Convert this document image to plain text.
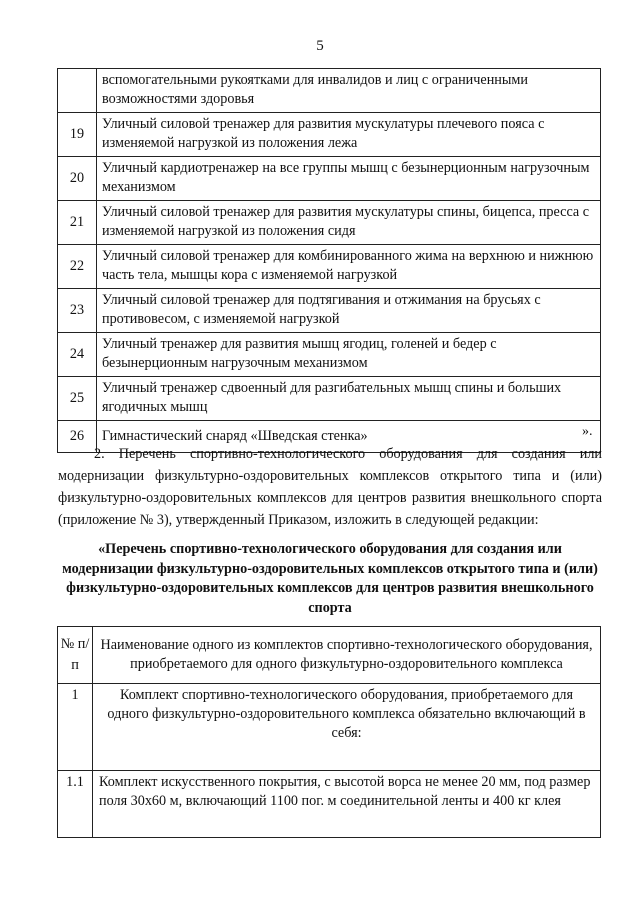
5
	вспомогательными рукоятками для инвалидов и лиц с ограниченными возможностями здоровья
19	Уличный силовой тренажер для развития мускулатуры плечевого пояса с изменяемой нагрузкой из положения лежа
20	Уличный кардиотренажер на все группы мышц с безынерционным нагрузочным механизмом
21	Уличный силовой тренажер для развития мускулатуры спины, бицепса, пресса с изменяемой нагрузкой из положения сидя
22	Уличный силовой тренажер для комбинированного жима на верхнюю и нижнюю часть тела, мышцы кора с изменяемой нагрузкой
23	Уличный силовой тренажер для подтягивания и отжимания на брусьях с противовесом, с изменяемой нагрузкой
24	Уличный тренажер для развития мышц ягодиц, голеней и бедер с безынерционным нагрузочным механизмом
25	Уличный тренажер сдвоенный для разгибательных мышц спины и больших ягодичных мышц
26	Гимнастический снаряд «Шведская стенка»	».

2. Перечень спортивно-технологического оборудования для создания или модернизации физкультурно-оздоровительных комплексов открытого типа и (или) физкультурно-оздоровительных комплексов для центров развития внешкольного спорта (приложение № 3), утвержденный Приказом, изложить в следующей редакции:

«Перечень спортивно-технологического оборудования для создания или модернизации физкультурно-оздоровительных комплексов открытого типа и (или) физкультурно-оздоровительных комплексов для центров развития внешкольного спорта

№ п/п	Наименование одного из комплектов спортивно-технологического оборудования, приобретаемого для одного физкультурно-оздоровительного комплекса
1	Комплект спортивно-технологического оборудования, приобретаемого для одного физкультурно-оздоровительного комплекса обязательно включающий в себя:
1.1	Комплект искусственного покрытия, с высотой ворса не менее 20 мм, под размер поля 30х60 м, включающий 1100 пог. м соединительной ленты и 400 кг клея
